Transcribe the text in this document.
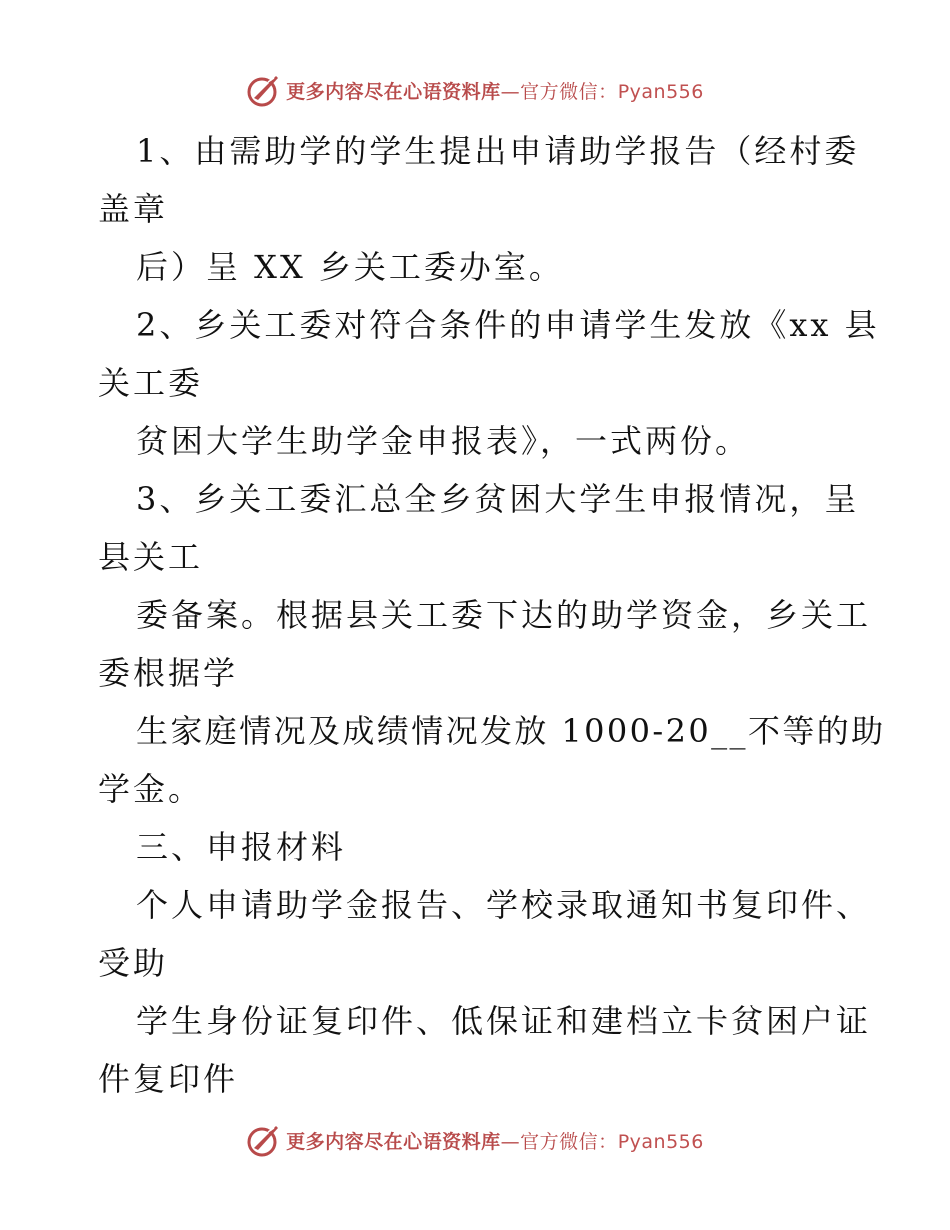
更多内容尽在心语资料库—官方微信：Pyan556
1、由需助学的学生提出申请助学报告（经村委
盖章
后）呈 XX 乡关工委办室。
2、乡关工委对符合条件的申请学生发放《xx 县
关工委
贫困大学生助学金申报表》，一式两份。
3、乡关工委汇总全乡贫困大学生申报情况，呈
县关工
委备案。根据县关工委下达的助学资金，乡关工
委根据学
生家庭情况及成绩情况发放 1000-20__不等的助
学金。
三、申报材料
个人申请助学金报告、学校录取通知书复印件、
受助
学生身份证复印件、低保证和建档立卡贫困户证
件复印件
更多内容尽在心语资料库—官方微信：Pyan556
